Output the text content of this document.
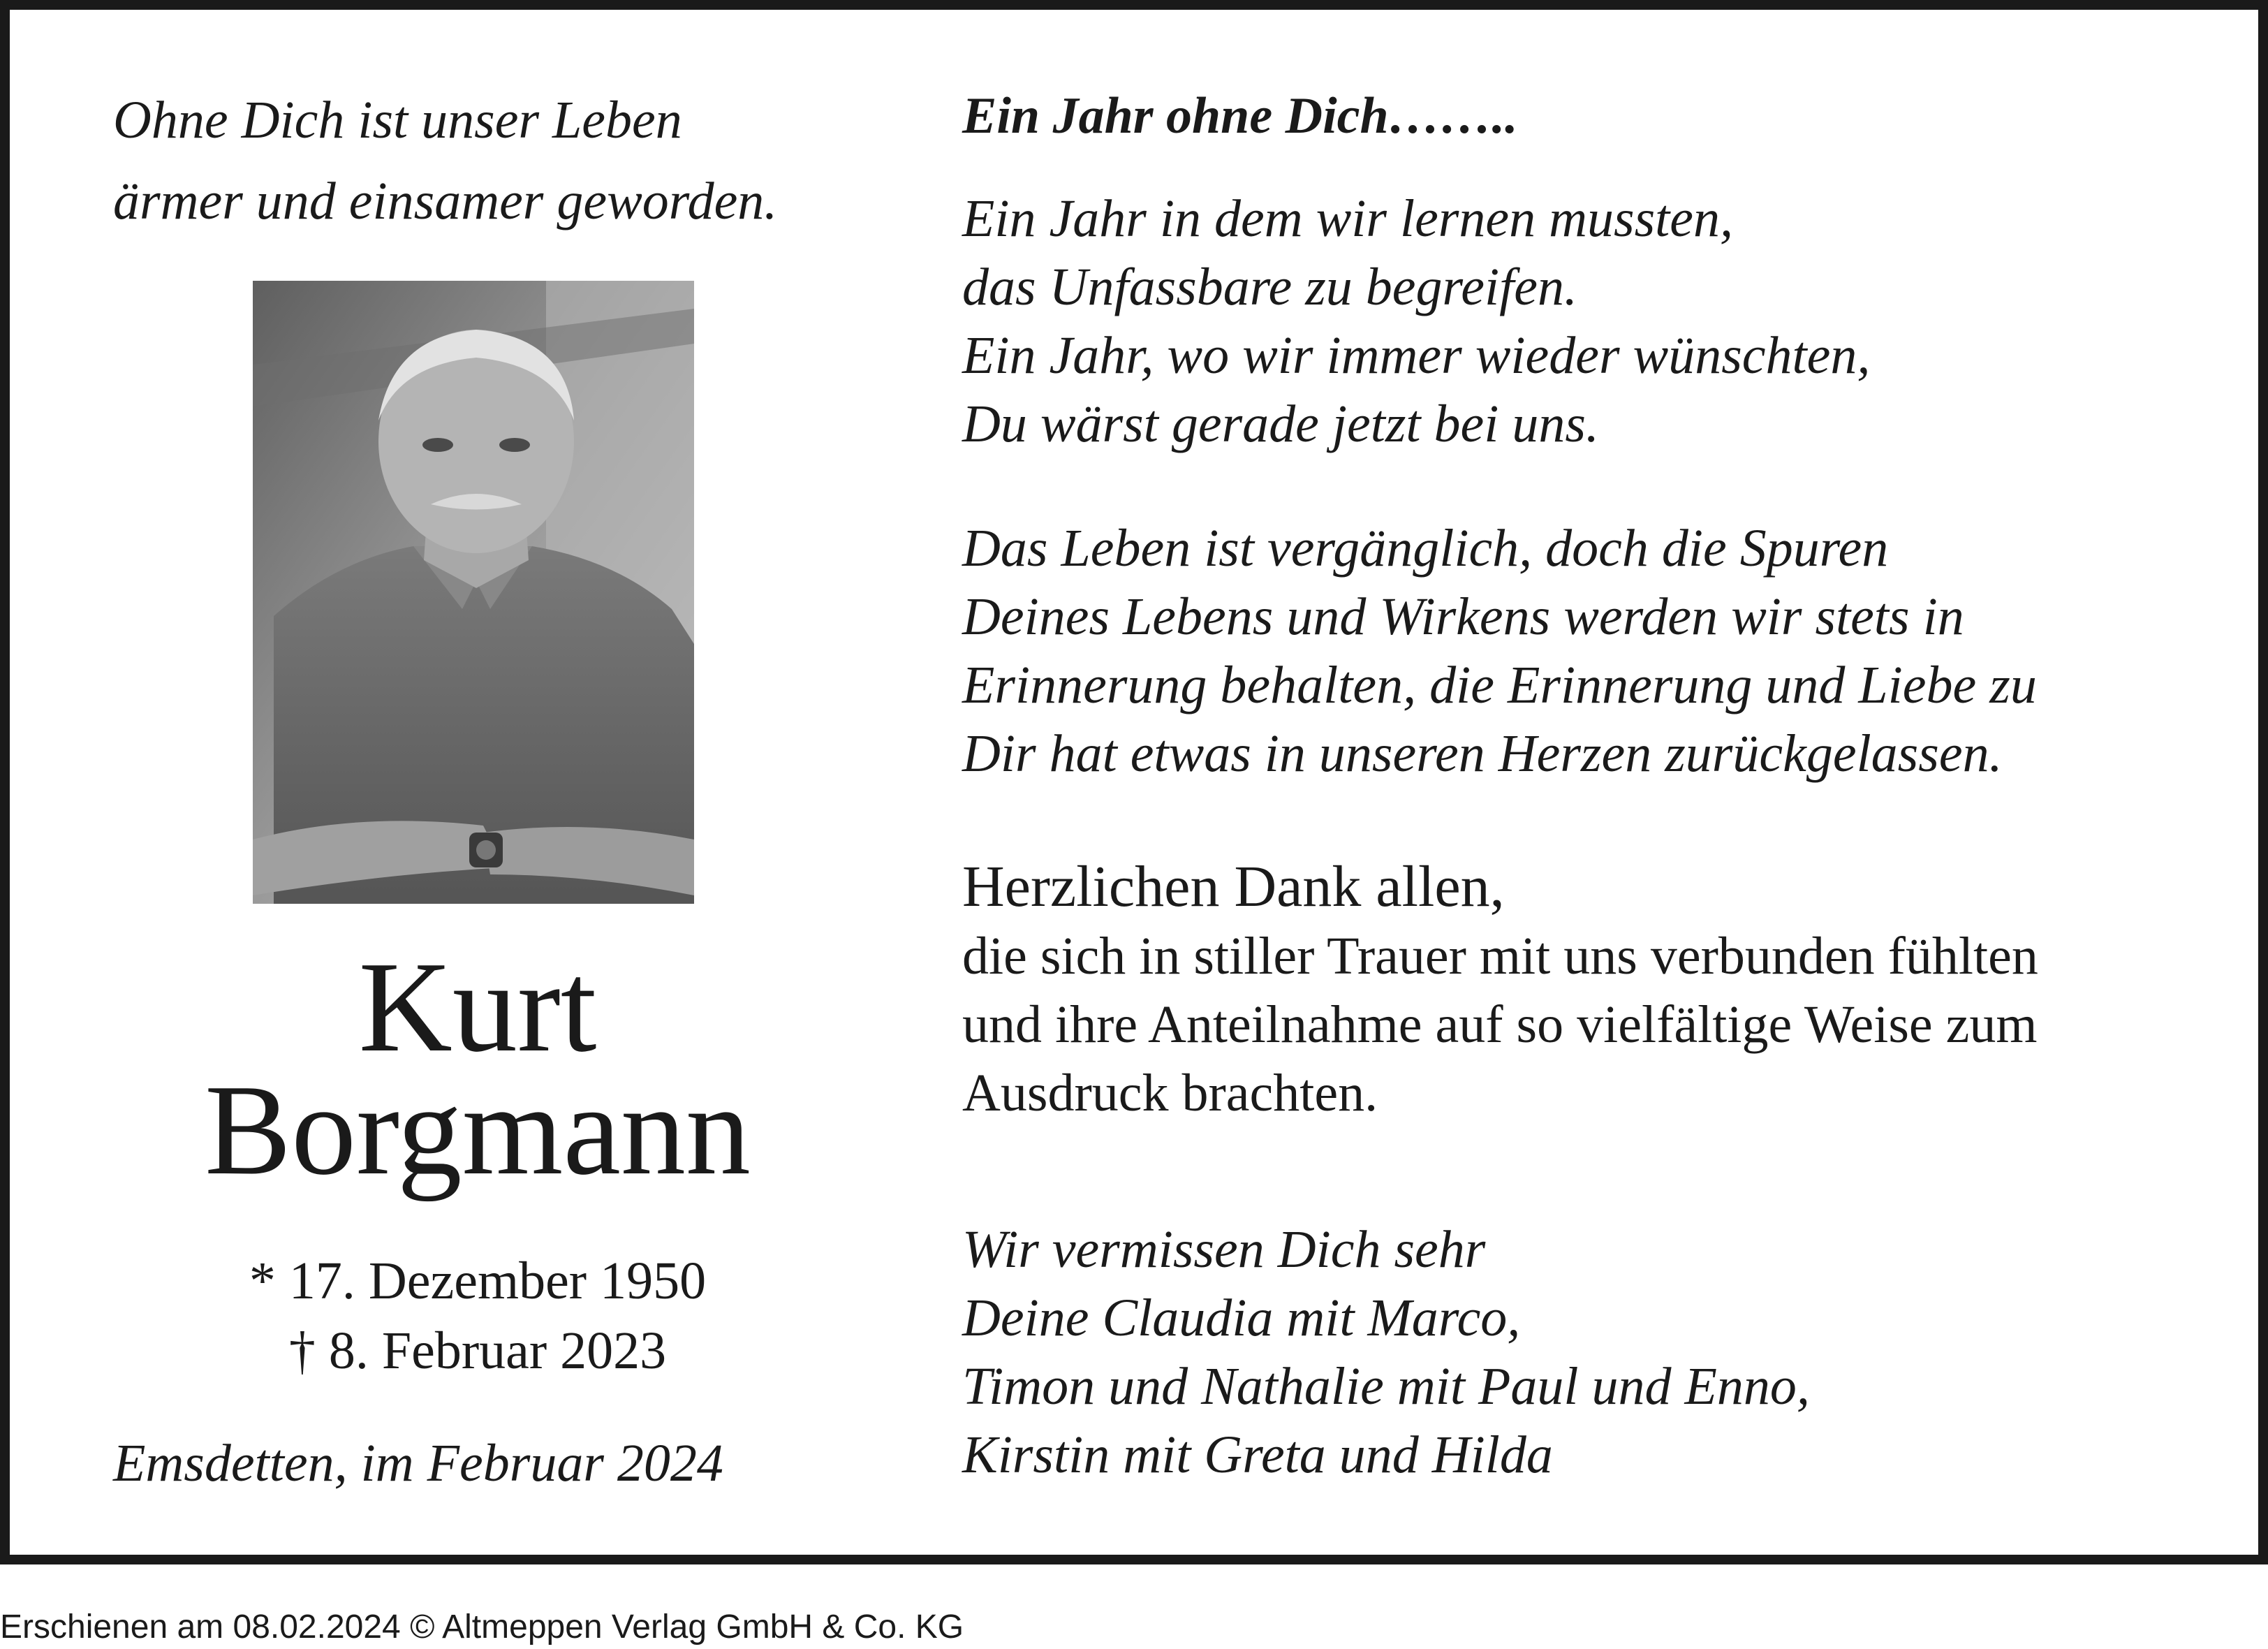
Ohne Dich ist unser Leben
ärmer und einsamer geworden.
Kurt
Borgmann
* 17. Dezember 1950
† 8. Februar 2023
Emsdetten, im Februar 2024
Ein Jahr ohne Dich……..
Ein Jahr in dem wir lernen mussten,
das Unfassbare zu begreifen.
Ein Jahr, wo wir immer wieder wünschten,
Du wärst gerade jetzt bei uns.
Das Leben ist vergänglich, doch die Spuren
Deines Lebens und Wirkens werden wir stets in
Erinnerung behalten, die Erinnerung und Liebe zu
Dir hat etwas in unseren Herzen zurückgelassen.
Herzlichen Dank allen,
die sich in stiller Trauer mit uns verbunden fühlten
und ihre Anteilnahme auf so vielfältige Weise zum
Ausdruck brachten.
Wir vermissen Dich sehr
Deine Claudia mit Marco,
Timon und Nathalie mit Paul und Enno,
Kirstin mit Greta und Hilda
Erschienen am 08.02.2024 © Altmeppen Verlag GmbH & Co. KG
